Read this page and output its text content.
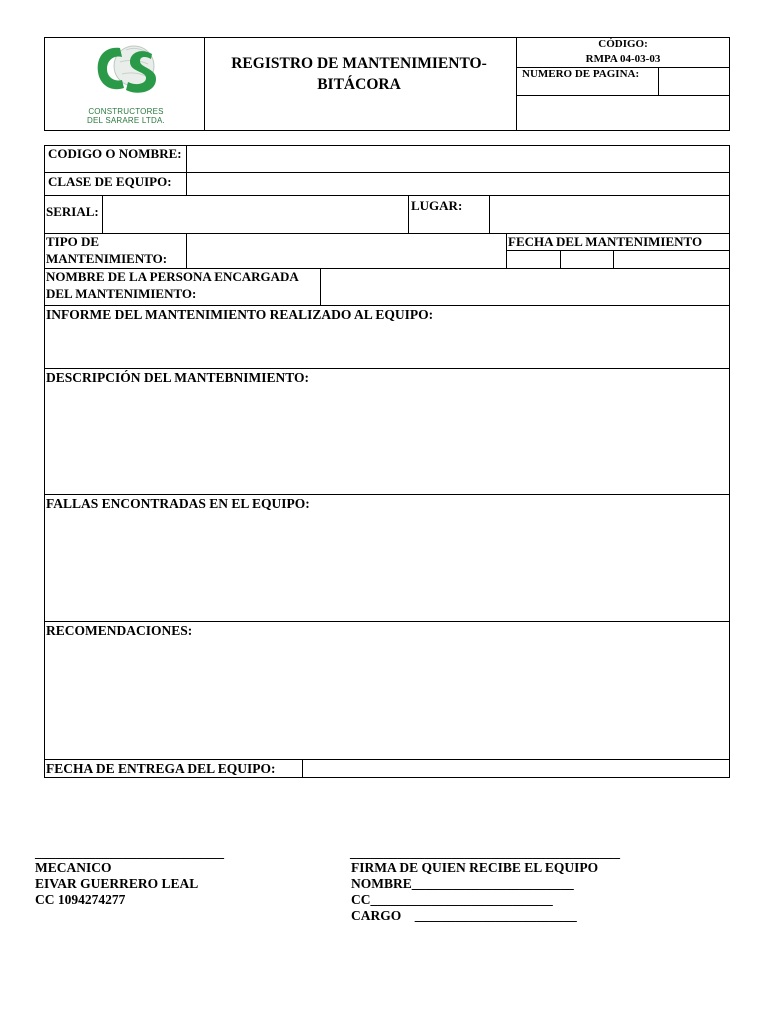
CONSTRUCTORES
DEL SARARE LTDA.
REGISTRO DE MANTENIMIENTO-
BITÁCORA
CÓDIGO:
RMPA 04-03-03
NUMERO DE PAGINA:
CODIGO O NOMBRE:
CLASE DE EQUIPO:
SERIAL:	LUGAR:
TIPO DE
MANTENIMIENTO:
FECHA DEL MANTENIMIENTO
NOMBRE DE LA PERSONA ENCARGADA
DEL MANTENIMIENTO:
INFORME DEL MANTENIMIENTO REALIZADO AL EQUIPO:
DESCRIPCIÓN DEL MANTEBNIMIENTO:
FALLAS ENCONTRADAS EN EL EQUIPO:
RECOMENDACIONES:
FECHA DE ENTREGA DEL EQUIPO:
____________________________
MECANICO
EIVAR GUERRERO LEAL
CC 1094274277
________________________________________
FIRMA DE QUIEN RECIBE EL EQUIPO
NOMBRE________________________
CC___________________________
CARGO    ________________________
